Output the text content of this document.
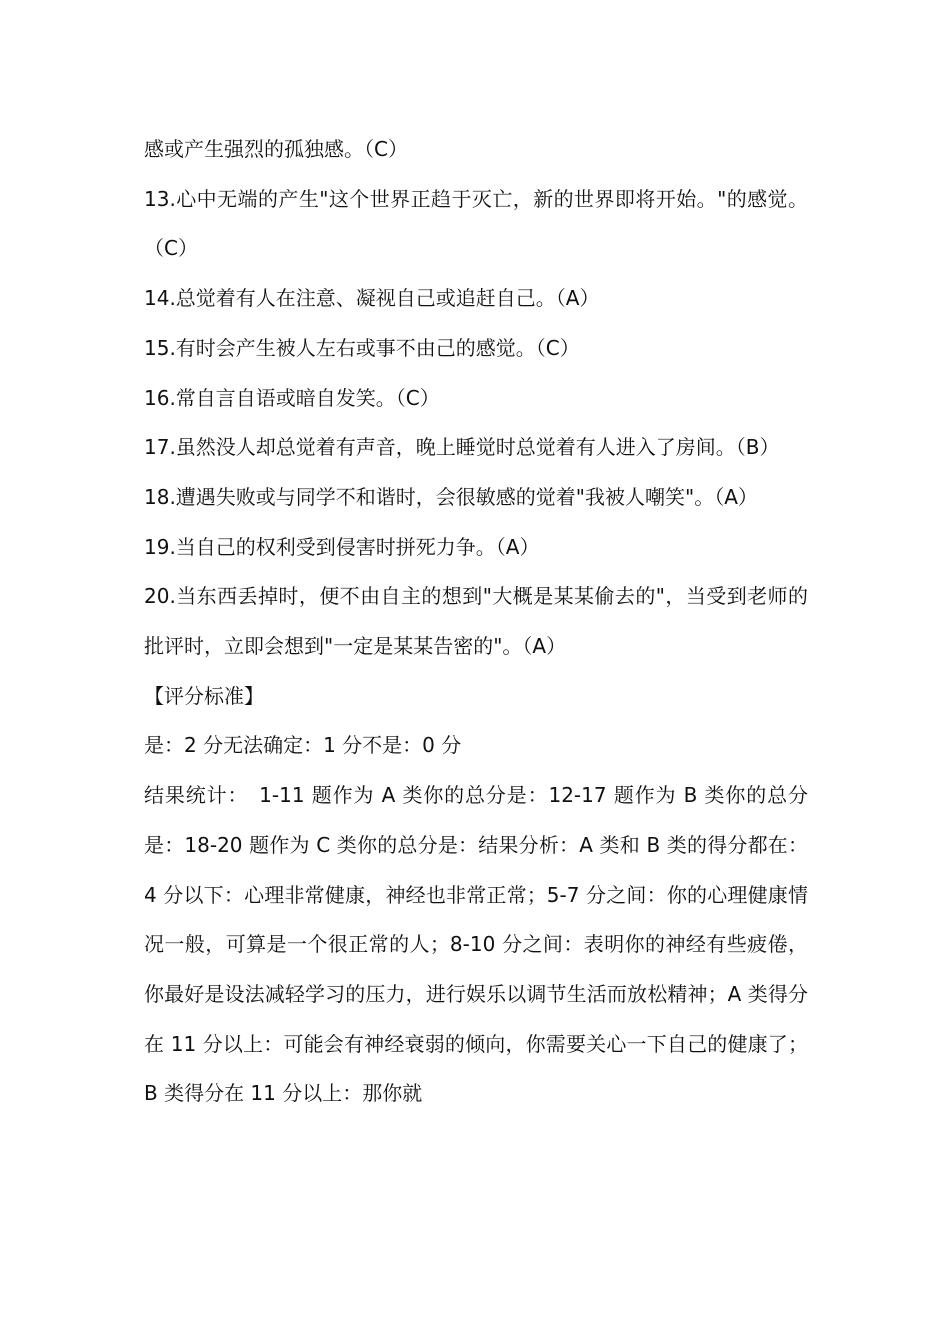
感或产生强烈的孤独感。（C）

13.心中无端的产生"这个世界正趋于灭亡，新的世界即将开始。"的感觉。（C）

14.总觉着有人在注意、凝视自己或追赶自己。（A）

15.有时会产生被人左右或事不由己的感觉。（C）

16.常自言自语或暗自发笑。（C）

17.虽然没人却总觉着有声音，晚上睡觉时总觉着有人进入了房间。（B）

18.遭遇失败或与同学不和谐时，会很敏感的觉着"我被人嘲笑"。（A）

19.当自己的权利受到侵害时拼死力争。（A）

20.当东西丢掉时，便不由自主的想到"大概是某某偷去的"，当受到老师的批评时，立即会想到"一定是某某告密的"。（A）

【评分标准】

是：2 分无法确定：1 分不是：0 分

结果统计：　1-11 题作为 A 类你的总分是：12-17 题作为 B 类你的总分是：18-20 题作为 C 类你的总分是：结果分析：A 类和 B 类的得分都在：4 分以下：心理非常健康，神经也非常正常；5-7 分之间：你的心理健康情况一般，可算是一个很正常的人；8-10 分之间：表明你的神经有些疲倦，你最好是设法减轻学习的压力，进行娱乐以调节生活而放松精神；A 类得分在 11 分以上：可能会有神经衰弱的倾向，你需要关心一下自己的健康了；B 类得分在 11 分以上：那你就
